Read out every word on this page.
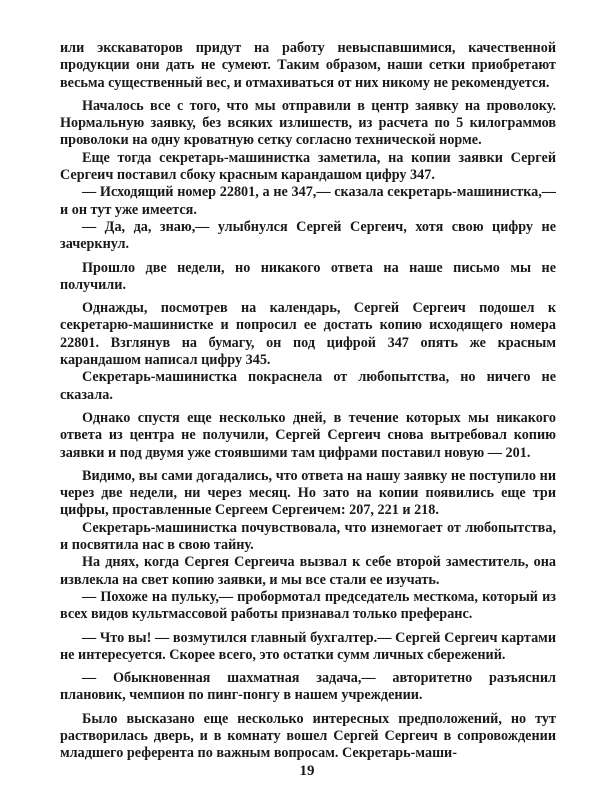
или экскаваторов придут на работу невыспавшимися, качественной продукции они дать не сумеют. Таким образом, наши сетки приобретают весьма существенный вес, и отмахиваться от них никому не рекомендуется.

Началось все с того, что мы отправили в центр заявку на проволоку. Нормальную заявку, без всяких излишеств, из расчета по 5 килограммов проволоки на одну кроватную сетку согласно технической норме.

Еще тогда секретарь-машинистка заметила, на копии заявки Сергей Сергеич поставил сбоку красным карандашом цифру 347.

— Исходящий номер 22801, а не 347,— сказала секретарь-машинистка,— и он тут уже имеется.

— Да, да, знаю,— улыбнулся Сергей Сергеич, хотя свою цифру не зачеркнул.

Прошло две недели, но никакого ответа на наше письмо мы не получили.

Однажды, посмотрев на календарь, Сергей Сергеич подошел к секретарю-машинистке и попросил ее достать копию исходящего номера 22801. Взглянув на бумагу, он под цифрой 347 опять же красным карандашом написал цифру 345.

Секретарь-машинистка покраснела от любопытства, но ничего не сказала.

Однако спустя еще несколько дней, в течение которых мы никакого ответа из центра не получили, Сергей Сергеич снова вытребовал копию заявки и под двумя уже стоявшими там цифрами поставил новую — 201.

Видимо, вы сами догадались, что ответа на нашу заявку не поступило ни через две недели, ни через месяц. Но зато на копии появились еще три цифры, проставленные Сергеем Сергеичем: 207, 221 и 218.

Секретарь-машинистка почувствовала, что изнемогает от любопытства, и посвятила нас в свою тайну.

На днях, когда Сергея Сергеича вызвал к себе второй заместитель, она извлекла на свет копию заявки, и мы все стали ее изучать.

— Похоже на пульку,— пробормотал председатель месткома, который из всех видов культмассовой работы признавал только преферанс.

— Что вы! — возмутился главный бухгалтер.— Сергей Сергеич картами не интересуется. Скорее всего, это остатки сумм личных сбережений.

— Обыкновенная шахматная задача,— авторитетно разъяснил плановик, чемпион по пинг-понгу в нашем учреждении.

Было высказано еще несколько интересных предположений, но тут растворилась дверь, и в комнату вошел Сергей Сергеич в сопровождении младшего референта по важным вопросам. Секретарь-маши-

19
